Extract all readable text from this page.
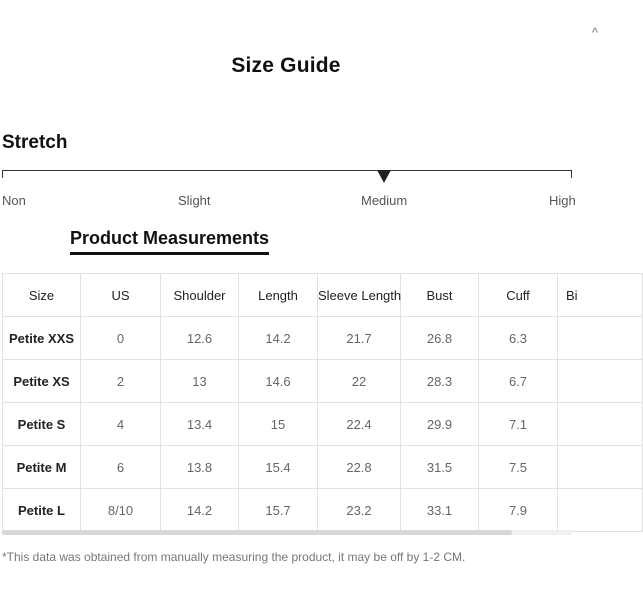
^
Size Guide
Stretch
Non	Slight	Medium	High
Product Measurements
Size	US	Shoulder	Length	Sleeve Length	Bust	Cuff	Bi
Petite XXS	0	12.6	14.2	21.7	26.8	6.3	
Petite XS	2	13	14.6	22	28.3	6.7	
Petite S	4	13.4	15	22.4	29.9	7.1	
Petite M	6	13.8	15.4	22.8	31.5	7.5	
Petite L	8/10	14.2	15.7	23.2	33.1	7.9	
*This data was obtained from manually measuring the product, it may be off by 1-2 CM.
